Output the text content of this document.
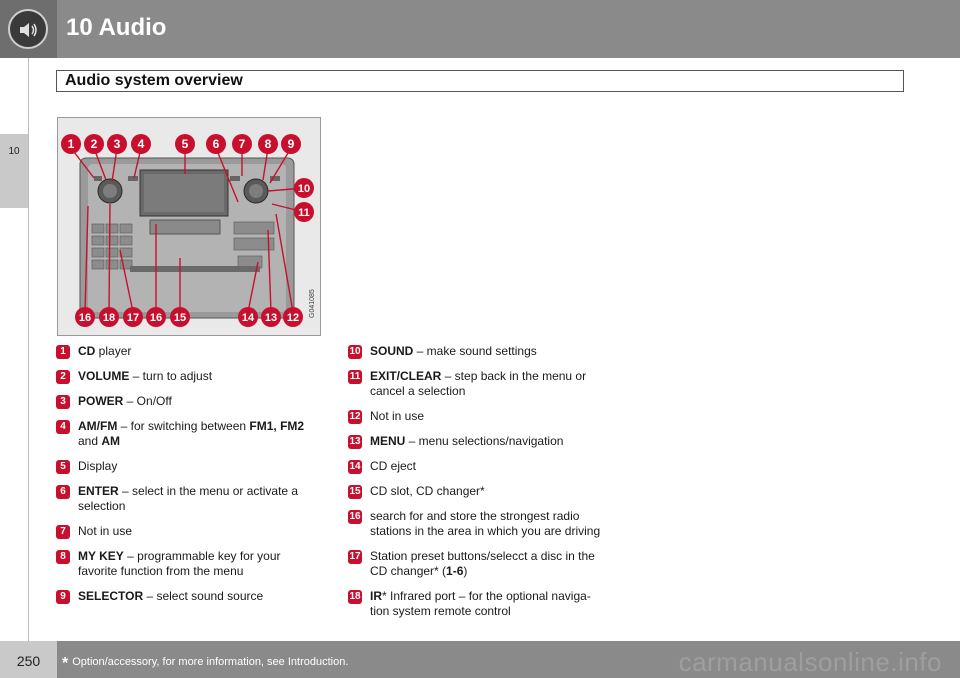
10 Audio
Audio system overview
10
1 2 3 4	5 6 7 8 9
10
11
16 18 17 16 15	14 13 12 G041085
1	CD player
2	VOLUME – turn to adjust
3	POWER – On/Off
4	AM/FM – for switching between FM1, FM2 and AM
5	Display
6	ENTER – select in the menu or activate a selection
7	Not in use
8	MY KEY – programmable key for your favorite function from the menu
9	SELECTOR – select sound source
10 SOUND – make sound settings
11 EXIT/CLEAR – step back in the menu or cancel a selection
12 Not in use
13 MENU – menu selections/navigation
14 CD eject
15 CD slot, CD changer*
16 search for and store the strongest radio stations in the area in which you are driving
17 Station preset buttons/selecct a disc in the CD changer* (1-6)
18 IR* Infrared port – for the optional naviga-tion system remote control
250	* Option/accessory, for more information, see Introduction.	carmanualsonline.info
